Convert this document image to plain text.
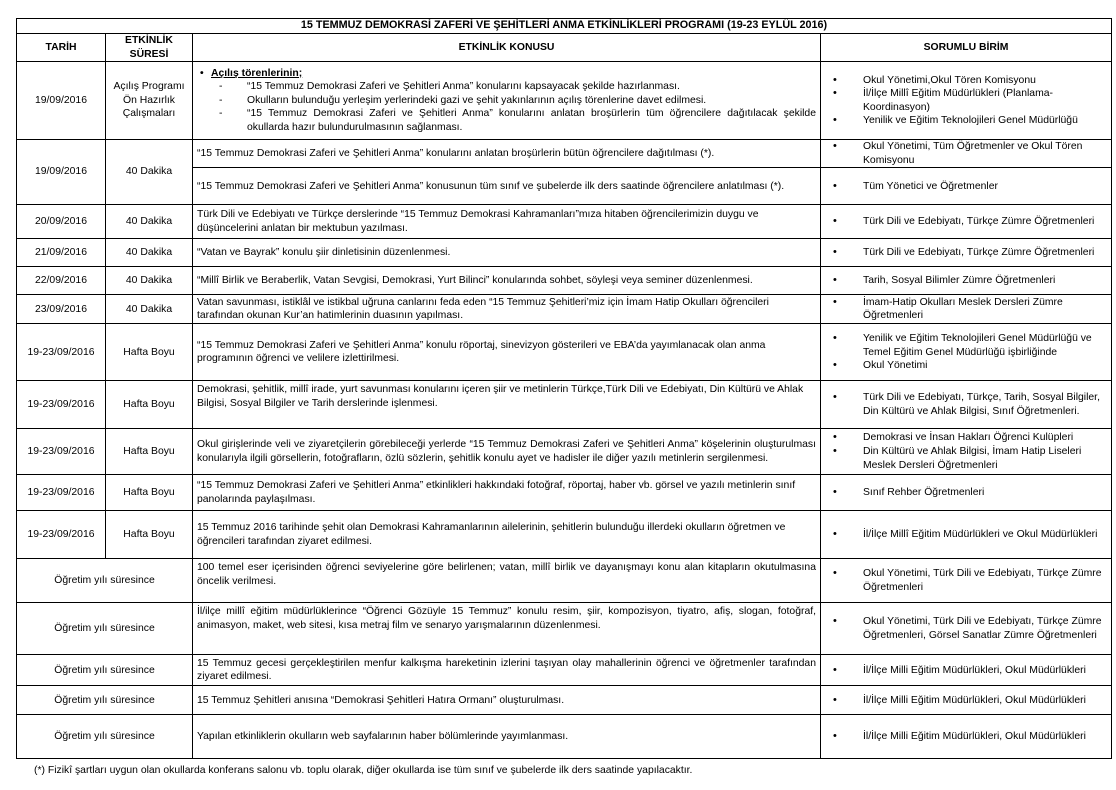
15 TEMMUZ DEMOKRASİ ZAFERİ VE ŞEHİTLERİ ANMA ETKİNLİKLERİ PROGRAMI (19-23 EYLÜL 2016)			
TARİH	ETKİNLİK SÜRESİ	ETKİNLİK KONUSU	SORUMLU BİRİM
19/09/2016	Açılış Programı Ön Hazırlık Çalışmaları	
• Açılış törenlerinin;
- “15 Temmuz Demokrasi Zaferi ve Şehitleri Anma” konularını kapsayacak şekilde hazırlanması.
- Okulların bulunduğu yerleşim yerlerindeki gazi ve şehit yakınlarının açılış törenlerine davet edilmesi.
- “15 Temmuz Demokrasi Zaferi ve Şehitleri Anma” konularını anlatan broşürlerin tüm öğrencilere dağıtılacak şekilde okullarda hazır bulundurulmasının sağlanması.

• Okul Yönetimi,Okul Tören Komisyonu
• İl/İlçe Millî Eğitim Müdürlükleri (Planlama-Koordinasyon)
• Yenilik ve Eğitim Teknolojileri Genel Müdürlüğü

19/09/2016	40 Dakika	“15 Temmuz Demokrasi Zaferi ve Şehitleri Anma” konularını anlatan broşürlerin bütün öğrencilere dağıtılması (*).	
• Okul Yönetimi, Tüm Öğretmenler ve Okul Tören Komisyonu

“15 Temmuz Demokrasi Zaferi ve Şehitleri Anma” konusunun tüm sınıf ve şubelerde ilk ders saatinde öğrencilere anlatılması (*).	
•Tüm Yönetici ve Öğretmenler

20/09/2016	40 Dakika	Türk Dili ve Edebiyatı ve Türkçe derslerinde “15 Temmuz Demokrasi Kahramanları”mıza hitaben öğrencilerimizin duygu ve düşüncelerini anlatan bir mektubun yazılması.	
• Türk Dili ve Edebiyatı, Türkçe Zümre Öğretmenleri

21/09/2016	40 Dakika	“Vatan ve Bayrak” konulu şiir dinletisinin düzenlenmesi.	
•Türk Dili ve Edebiyatı, Türkçe Zümre Öğretmenleri

22/09/2016	40 Dakika	“Millî Birlik ve Beraberlik, Vatan Sevgisi, Demokrasi, Yurt Bilinci” konularında sohbet, söyleşi veya seminer düzenlenmesi.	
•Tarih, Sosyal Bilimler Zümre Öğretmenleri

23/09/2016	40 Dakika	Vatan savunması, istiklâl ve istikbal uğruna canlarını feda eden “15 Temmuz Şehitleri’miz için İmam Hatip Okulları öğrencileri tarafından okunan Kur’an hatimlerinin duasının yapılması.	
• İmam-Hatip Okulları Meslek Dersleri Zümre Öğretmenleri

19-23/09/2016	Hafta Boyu	“15 Temmuz Demokrasi Zaferi ve Şehitleri Anma” konulu röportaj, sinevizyon gösterileri ve EBA’da yayımlanacak olan anma programının öğrenci ve velilere izlettirilmesi.	
• Yenilik ve Eğitim Teknolojileri Genel Müdürlüğü ve Temel Eğitim Genel Müdürlüğü işbirliğinde
• Okul Yönetimi

19-23/09/2016	Hafta Boyu	Demokrasi, şehitlik, millî irade, yurt savunması konularını içeren şiir ve metinlerin Türkçe,Türk Dili ve Edebiyatı, Din Kültürü ve Ahlak Bilgisi, Sosyal Bilgiler ve Tarih derslerinde işlenmesi.	
• Türk Dili ve Edebiyatı, Türkçe, Tarih, Sosyal Bilgiler, Din Kültürü ve Ahlak Bilgisi, Sınıf Öğretmenleri.

19-23/09/2016	Hafta Boyu	Okul girişlerinde veli ve ziyaretçilerin görebileceği yerlerde “15 Temmuz Demokrasi Zaferi ve Şehitleri Anma” köşelerinin oluşturulması konularıyla ilgili görsellerin, fotoğrafların, özlü sözlerin, şehitlik konulu ayet ve hadisler ile diğer yazılı metinlerin sergilenmesi.	
• Demokrasi ve İnsan Hakları Öğrenci Kulüpleri
• Din Kültürü ve Ahlak Bilgisi, İmam Hatip Liseleri Meslek Dersleri Öğretmenleri

19-23/09/2016	Hafta Boyu	“15 Temmuz Demokrasi Zaferi ve Şehitleri Anma” etkinlikleri hakkındaki fotoğraf, röportaj, haber vb. görsel ve yazılı metinlerin sınıf panolarında paylaşılması.	
• Sınıf Rehber Öğretmenleri

19-23/09/2016	Hafta Boyu	15 Temmuz 2016 tarihinde şehit olan Demokrasi Kahramanlarının ailelerinin, şehitlerin bulunduğu illerdeki okulların öğretmen ve öğrencileri tarafından ziyaret edilmesi.	
• İl/İlçe Millî Eğitim Müdürlükleri ve Okul Müdürlükleri

Öğretim yılı süresince	100 temel eser içerisinden öğrenci seviyelerine göre belirlenen; vatan, millî birlik ve dayanışmayı konu alan kitapların okutulmasına öncelik verilmesi.	
• Okul Yönetimi, Türk Dili ve Edebiyatı, Türkçe Zümre Öğretmenleri

Öğretim yılı süresince	İl/ilçe millî eğitim müdürlüklerince “Öğrenci Gözüyle 15 Temmuz” konulu resim, şiir, kompozisyon, tiyatro, afiş, slogan, fotoğraf, animasyon, maket, web sitesi, kısa metraj film ve senaryo yarışmalarının düzenlenmesi.	
•Okul Yönetimi, Türk Dili ve Edebiyatı, Türkçe Zümre Öğretmenleri, Görsel Sanatlar Zümre Öğretmenleri

Öğretim yılı süresince	15 Temmuz gecesi gerçekleştirilen menfur kalkışma hareketinin izlerini taşıyan olay mahallerinin öğrenci ve öğretmenler tarafından ziyaret edilmesi.	
• İl/İlçe Milli Eğitim Müdürlükleri, Okul Müdürlükleri

Öğretim yılı süresince	15 Temmuz Şehitleri anısına “Demokrasi Şehitleri Hatıra Ormanı” oluşturulması.	
•İl/İlçe Milli Eğitim Müdürlükleri, Okul Müdürlükleri

Öğretim yılı süresince	Yapılan etkinliklerin okulların web sayfalarının haber bölümlerinde yayımlanması.	
•İl/İlçe Milli Eğitim Müdürlükleri, Okul Müdürlükleri
(*) Fizikî şartları uygun olan okullarda konferans salonu vb. toplu olarak, diğer okullarda ise tüm sınıf ve şubelerde ilk ders saatinde yapılacaktır.
